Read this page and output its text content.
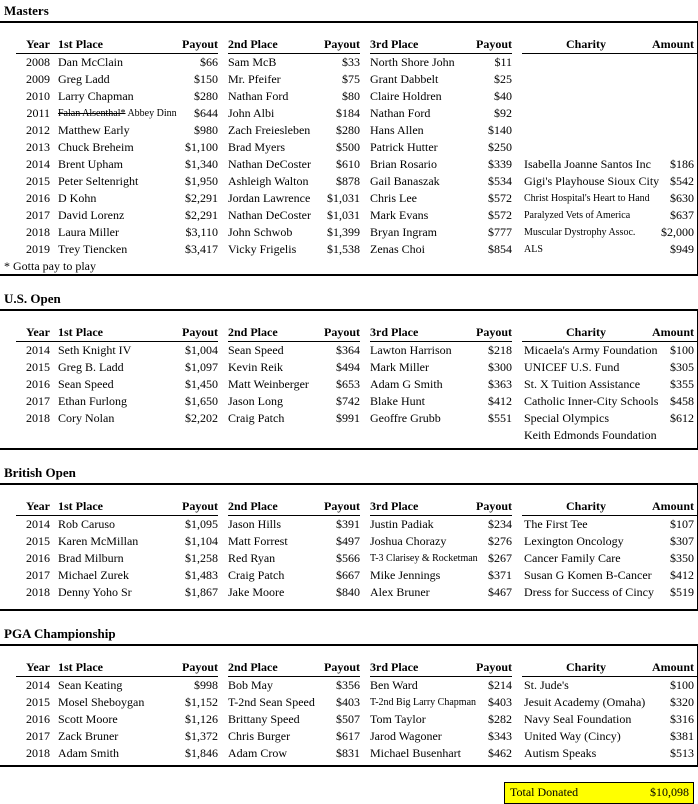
Masters
	Year	1st Place	Payout		2nd Place	Payout		3rd Place	Payout		Charity	Amount
	2008	Dan McClain	$66		Sam McB	$33		North Shore John	$11			
	2009	Greg Ladd	$150		Mr. Pfeifer	$75		Grant Dabbelt	$25			
	2010	Larry Chapman	$280		Nathan Ford	$80		Claire Holdren	$40			
	2011	Falan Alsenthal* Abbey Dinn	$644		John Albi	$184		Nathan Ford	$92			
	2012	Matthew Early	$980		Zach Freiesleben	$280		Hans Allen	$140			
	2013	Chuck Breheim	$1,100		Brad Myers	$500		Patrick Hutter	$250			
	2014	Brent Upham	$1,340		Nathan DeCoster	$610		Brian Rosario	$339		Isabella Joanne Santos Inc	$186
	2015	Peter Seltenright	$1,950		Ashleigh Walton	$878		Gail Banaszak	$534		Gigi's Playhouse Sioux City	$542
	2016	D Kohn	$2,291		Jordan Lawrence	$1,031		Chris Lee	$572		Christ Hospital's Heart to Hand	$630
	2017	David Lorenz	$2,291		Nathan DeCoster	$1,031		Mark Evans	$572		Paralyzed Vets of America	$637
	2018	Laura Miller	$3,110		John Schwob	$1,399		Bryan Ingram	$777		Muscular Dystrophy Assoc.	$2,000
	2019	Trey Tiencken	$3,417		Vicky Frigelis	$1,538		Zenas Choi	$854		ALS	$949
* Gotta pay to play
U.S. Open
	Year	1st Place	Payout		2nd Place	Payout		3rd Place	Payout		Charity	Amount
	2014	Seth Knight IV	$1,004		Sean Speed	$364		Lawton Harrison	$218		Micaela's Army Foundation	$100
	2015	Greg B. Ladd	$1,097		Kevin Reik	$494		Mark Miller	$300		UNICEF U.S. Fund	$305
	2016	Sean Speed	$1,450		Matt Weinberger	$653		Adam G Smith	$363		St. X Tuition Assistance	$355
	2017	Ethan Furlong	$1,650		Jason Long	$742		Blake Hunt	$412		Catholic Inner-City Schools	$458
	2018	Cory Nolan	$2,202		Craig Patch	$991		Geoffre Grubb	$551		Special Olympics	$612
											Keith Edmonds Foundation	
British Open
	Year	1st Place	Payout		2nd Place	Payout		3rd Place	Payout		Charity	Amount
	2014	Rob Caruso	$1,095		Jason Hills	$391		Justin Padiak	$234		The First Tee	$107
	2015	Karen McMillan	$1,104		Matt Forrest	$497		Joshua Chorazy	$276		Lexington Oncology	$307
	2016	Brad Milburn	$1,258		Red Ryan	$566		T-3 Clarisey & Rocketman	$267		Cancer Family Care	$350
	2017	Michael Zurek	$1,483		Craig Patch	$667		Mike Jennings	$371		Susan G Komen B-Cancer	$412
	2018	Denny Yoho Sr	$1,867		Jake Moore	$840		Alex Bruner	$467		Dress for Success of Cincy	$519
PGA Championship
	Year	1st Place	Payout		2nd Place	Payout		3rd Place	Payout		Charity	Amount
	2014	Sean Keating	$998		Bob May	$356		Ben Ward	$214		St. Jude's	$100
	2015	Mosel Sheboygan	$1,152		T-2nd Sean Speed	$403		T-2nd Big Larry Chapman	$403		Jesuit Academy (Omaha)	$320
	2016	Scott Moore	$1,126		Brittany Speed	$507		Tom Taylor	$282		Navy Seal Foundation	$316
	2017	Zack Bruner	$1,372		Chris Burger	$617		Jarod Wagoner	$343		United Way (Cincy)	$381
	2018	Adam Smith	$1,846		Adam Crow	$831		Michael Busenhart	$462		Autism Speaks	$513
Total Donated	$10,098
